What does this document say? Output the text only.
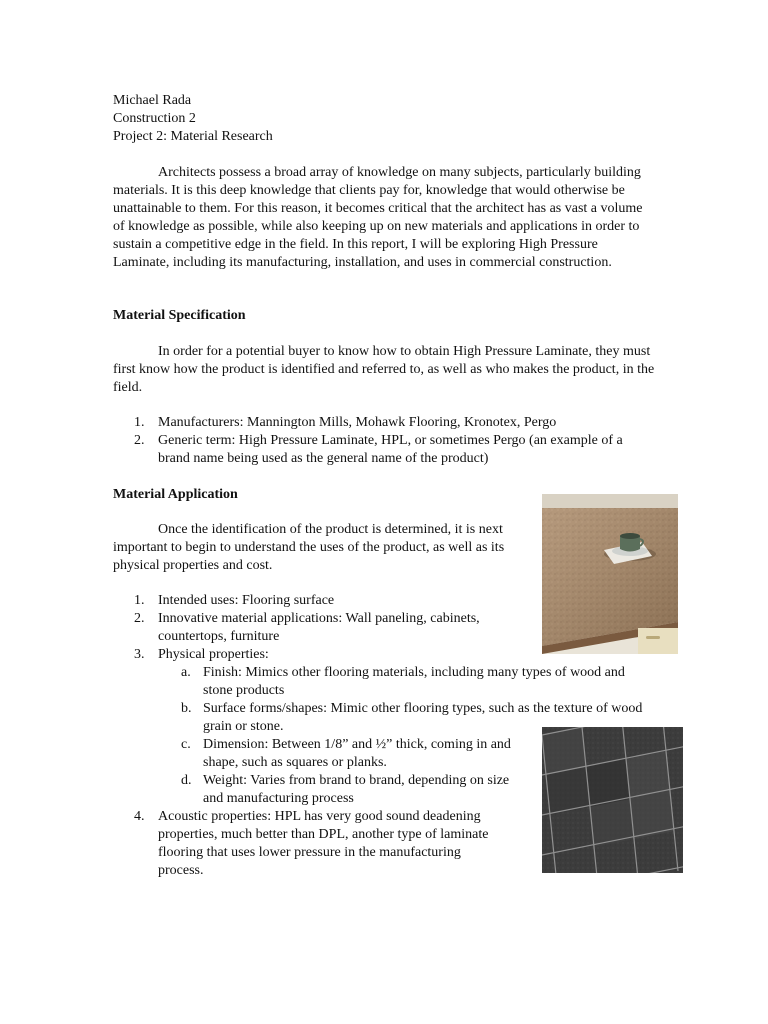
Michael Rada
Construction 2
Project 2: Material Research

Architects possess a broad array of knowledge on many subjects, particularly building materials. It is this deep knowledge that clients pay for, knowledge that would otherwise be unattainable to them. For this reason, it becomes critical that the architect has as vast a volume of knowledge as possible, while also keeping up on new materials and applications in order to sustain a competitive edge in the field. In this report, I will be exploring High Pressure Laminate, including its manufacturing, installation, and uses in commercial construction.

Material Specification

In order for a potential buyer to know how to obtain High Pressure Laminate, they must first know how the product is identified and referred to, as well as who makes the product, in the field.

1. Manufacturers: Mannington Mills, Mohawk Flooring, Kronotex, Pergo
2. Generic term: High Pressure Laminate, HPL, or sometimes Pergo (an example of a brand name being used as the general name of the product)
Material Application

Once the identification of the product is determined, it is next important to begin to understand the uses of the product, as well as its physical properties and cost.

1. Intended uses: Flooring surface
2. Innovative material applications: Wall paneling, cabinets, countertops, furniture
3. Physical properties:
a. Finish: Mimics other flooring materials, including many types of wood and stone products
b. Surface forms/shapes: Mimic other flooring types, such as the texture of wood grain or stone.
c. Dimension: Between 1/8” and ½” thick, coming in and shape, such as squares or planks.
d. Weight: Varies from brand to brand, depending on size and manufacturing process
4. Acoustic properties: HPL has very good sound deadening properties, much better than DPL, another type of laminate flooring that uses lower pressure in the manufacturing process.
